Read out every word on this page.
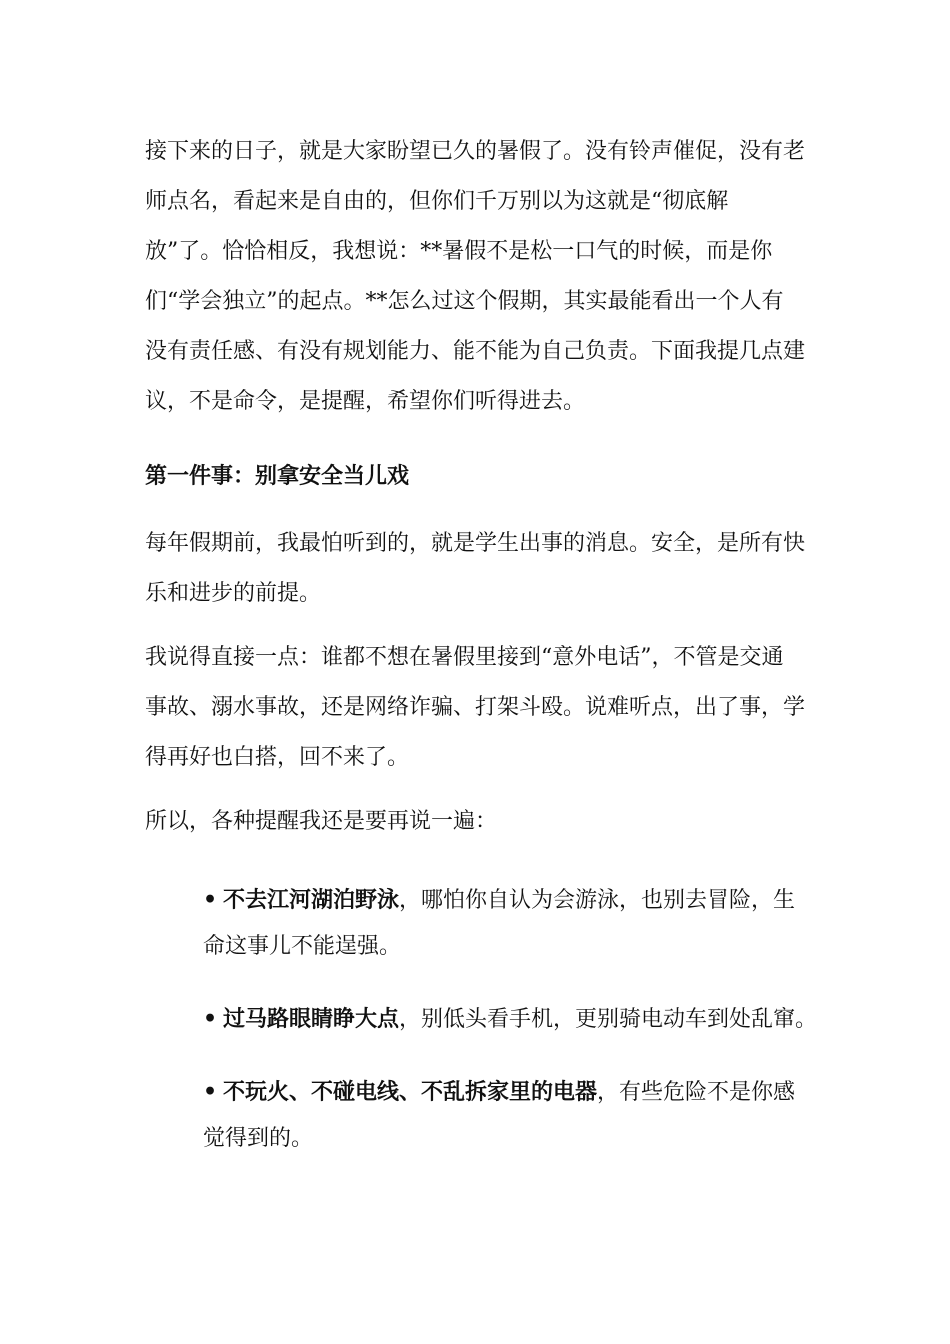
接下来的日子，就是大家盼望已久的暑假了。没有铃声催促，没有老师点名，看起来是自由的，但你们千万别以为这就是“彻底解放”了。恰恰相反，我想说：**暑假不是松一口气的时候，而是你们“学会独立”的起点。**怎么过这个假期，其实最能看出一个人有没有责任感、有没有规划能力、能不能为自己负责。下面我提几点建议，不是命令，是提醒，希望你们听得进去。

第一件事：别拿安全当儿戏

每年假期前，我最怕听到的，就是学生出事的消息。安全，是所有快乐和进步的前提。

我说得直接一点：谁都不想在暑假里接到“意外电话”，不管是交通事故、溺水事故，还是网络诈骗、打架斗殴。说难听点，出了事，学得再好也白搭，回不来了。

所以，各种提醒我还是要再说一遍：

• 不去江河湖泊野泳，哪怕你自认为会游泳，也别去冒险，生命这事儿不能逞强。
• 过马路眼睛睁大点，别低头看手机，更别骑电动车到处乱窜。
• 不玩火、不碰电线、不乱拆家里的电器，有些危险不是你感觉得到的。
